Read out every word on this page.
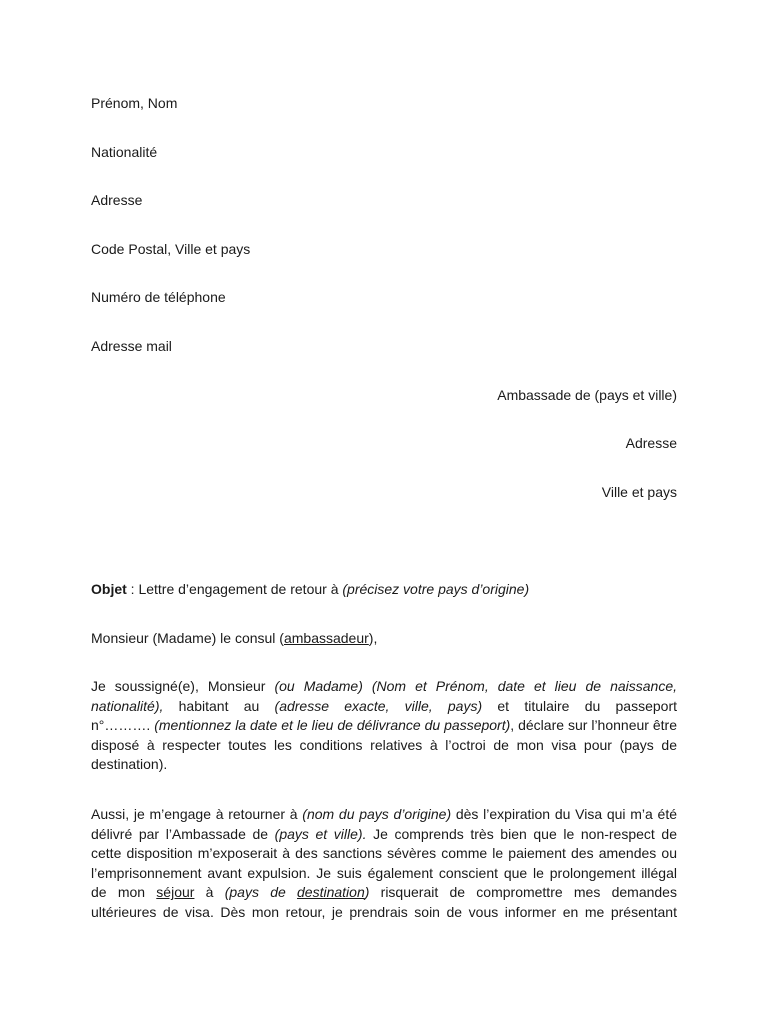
Prénom, Nom
Nationalité
Adresse
Code Postal, Ville et pays
Numéro de téléphone
Adresse mail
Ambassade de (pays et ville)
Adresse
Ville et pays
Objet : Lettre d’engagement de retour à (précisez votre pays d’origine)
Monsieur (Madame) le consul (ambassadeur),
Je soussigné(e), Monsieur (ou Madame) (Nom et Prénom, date et lieu de naissance,
nationalité), habitant au (adresse exacte, ville, pays) et titulaire du passeport
n°………. (mentionnez la date et le lieu de délivrance du passeport), déclare sur l’honneur être
disposé à respecter toutes les conditions relatives à l’octroi de mon visa pour (pays de
destination).
Aussi, je m’engage à retourner à (nom du pays d’origine) dès l’expiration du Visa qui m’a été
délivré par l’Ambassade de (pays et ville). Je comprends très bien que le non-respect de
cette disposition m’exposerait à des sanctions sévères comme le paiement des amendes ou
l’emprisonnement avant expulsion. Je suis également conscient que le prolongement illégal
de mon séjour à (pays de destination) risquerait de compromettre mes demandes
ultérieures de visa. Dès mon retour, je prendrais soin de vous informer en me présentant
